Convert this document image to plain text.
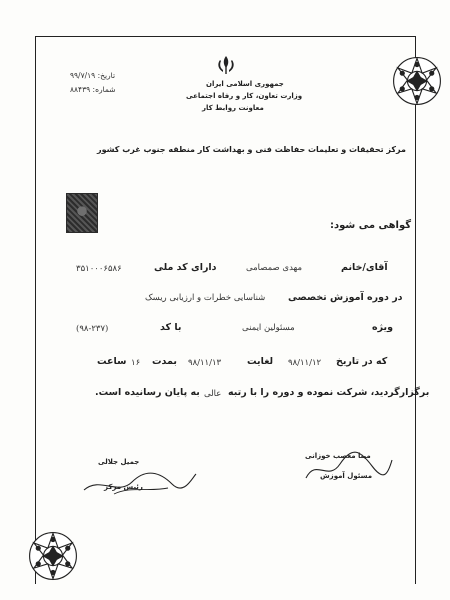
تاریخ: ۹۹/۷/۱۹
شماره: ۸۸۴۳۹
جمهوری اسلامی ایران
وزارت تعاون، کار و رفاه اجتماعی
معاونت روابط کار
مرکز تحقیقات و تعلیمات حفاظت فنی و بهداشت کار منطقه جنوب غرب کشور
گواهی می شود:
آقای/خانم
مهدی صمصامی
دارای کد ملی
۳۵۱۰۰۰۶۵۸۶
در دوره آموزش تخصصی
شناسایی خطرات و ارزیابی ریسک
ویژه
مسئولین ایمنی
با کد
(۹۸-۲۳۷)
که در تاریخ
۹۸/۱۱/۱۲
لغایت
۹۸/۱۱/۱۳
بمدت
۱۶
ساعت
برگزارگردید، شرکت نموده و دوره را با رتبه
عالی
به پایان رسانیده است.
جمیل جلالی
رئیس مرکز
مینا معصب خوزانی
مسئول آموزش
